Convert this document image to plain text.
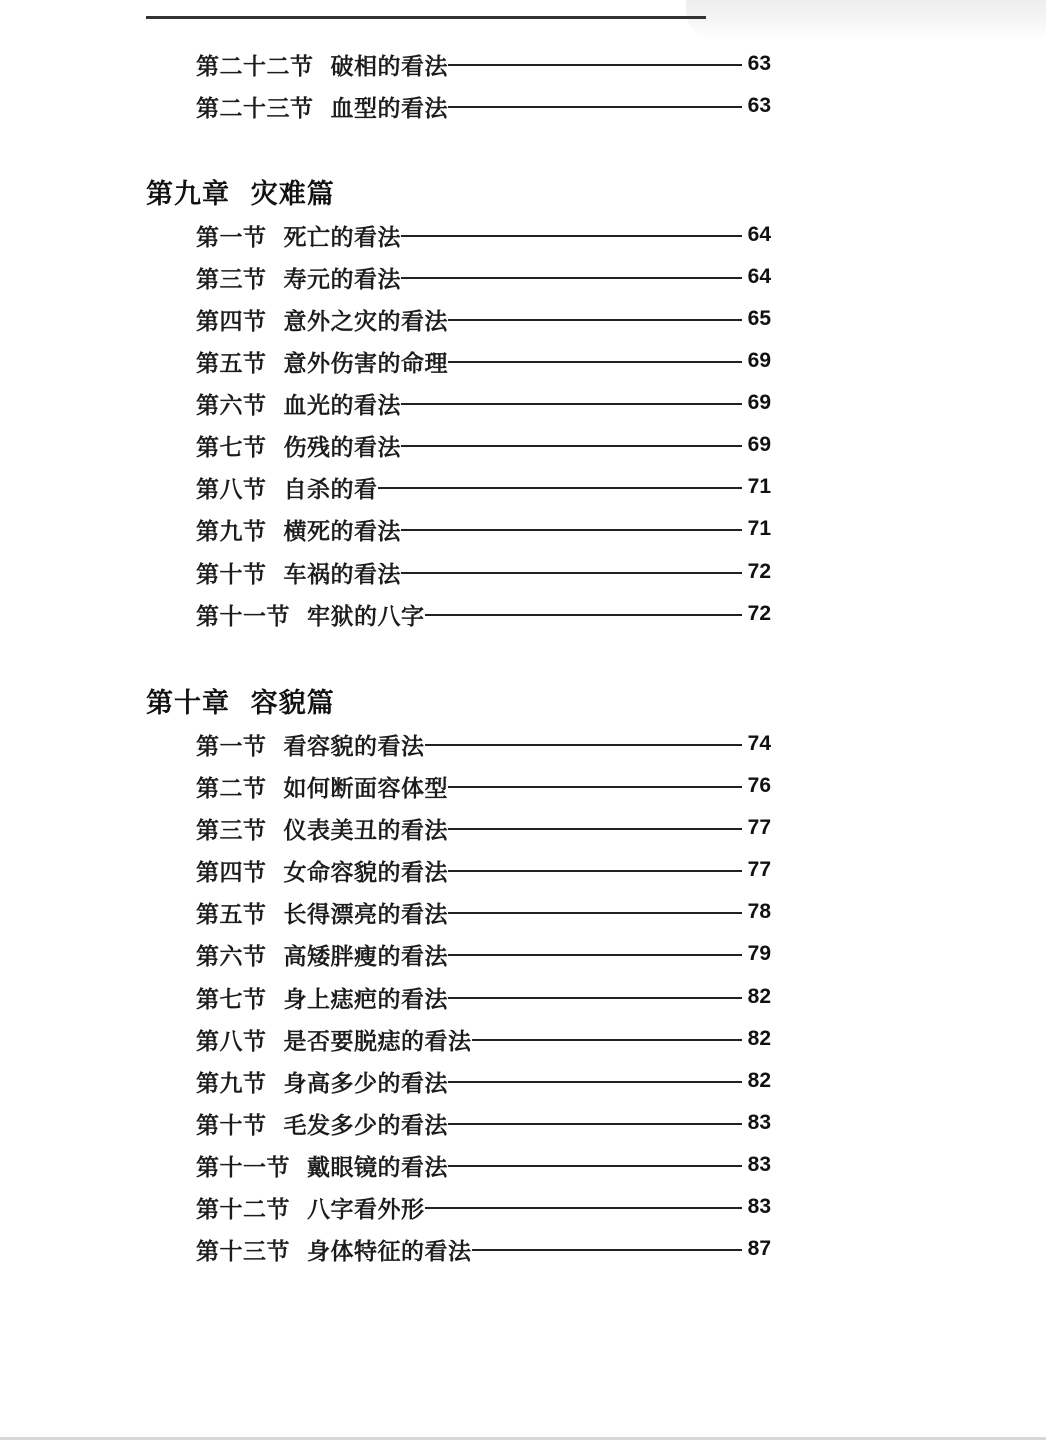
第二十二节  破相的看法	63
第二十三节  血型的看法	63
第九章  灾难篇
第一节  死亡的看法	64
第三节  寿元的看法	64
第四节  意外之灾的看法	65
第五节  意外伤害的命理	69
第六节  血光的看法	69
第七节  伤残的看法	69
第八节  自杀的看	71
第九节  横死的看法	71
第十节  车祸的看法	72
第十一节  牢狱的八字	72
第十章  容貌篇
第一节  看容貌的看法	74
第二节  如何断面容体型	76
第三节  仪表美丑的看法	77
第四节  女命容貌的看法	77
第五节  长得漂亮的看法	78
第六节  高矮胖瘦的看法	79
第七节  身上痣疤的看法	82
第八节  是否要脱痣的看法	82
第九节  身高多少的看法	82
第十节  毛发多少的看法	83
第十一节  戴眼镜的看法	83
第十二节  八字看外形	83
第十三节  身体特征的看法	87
